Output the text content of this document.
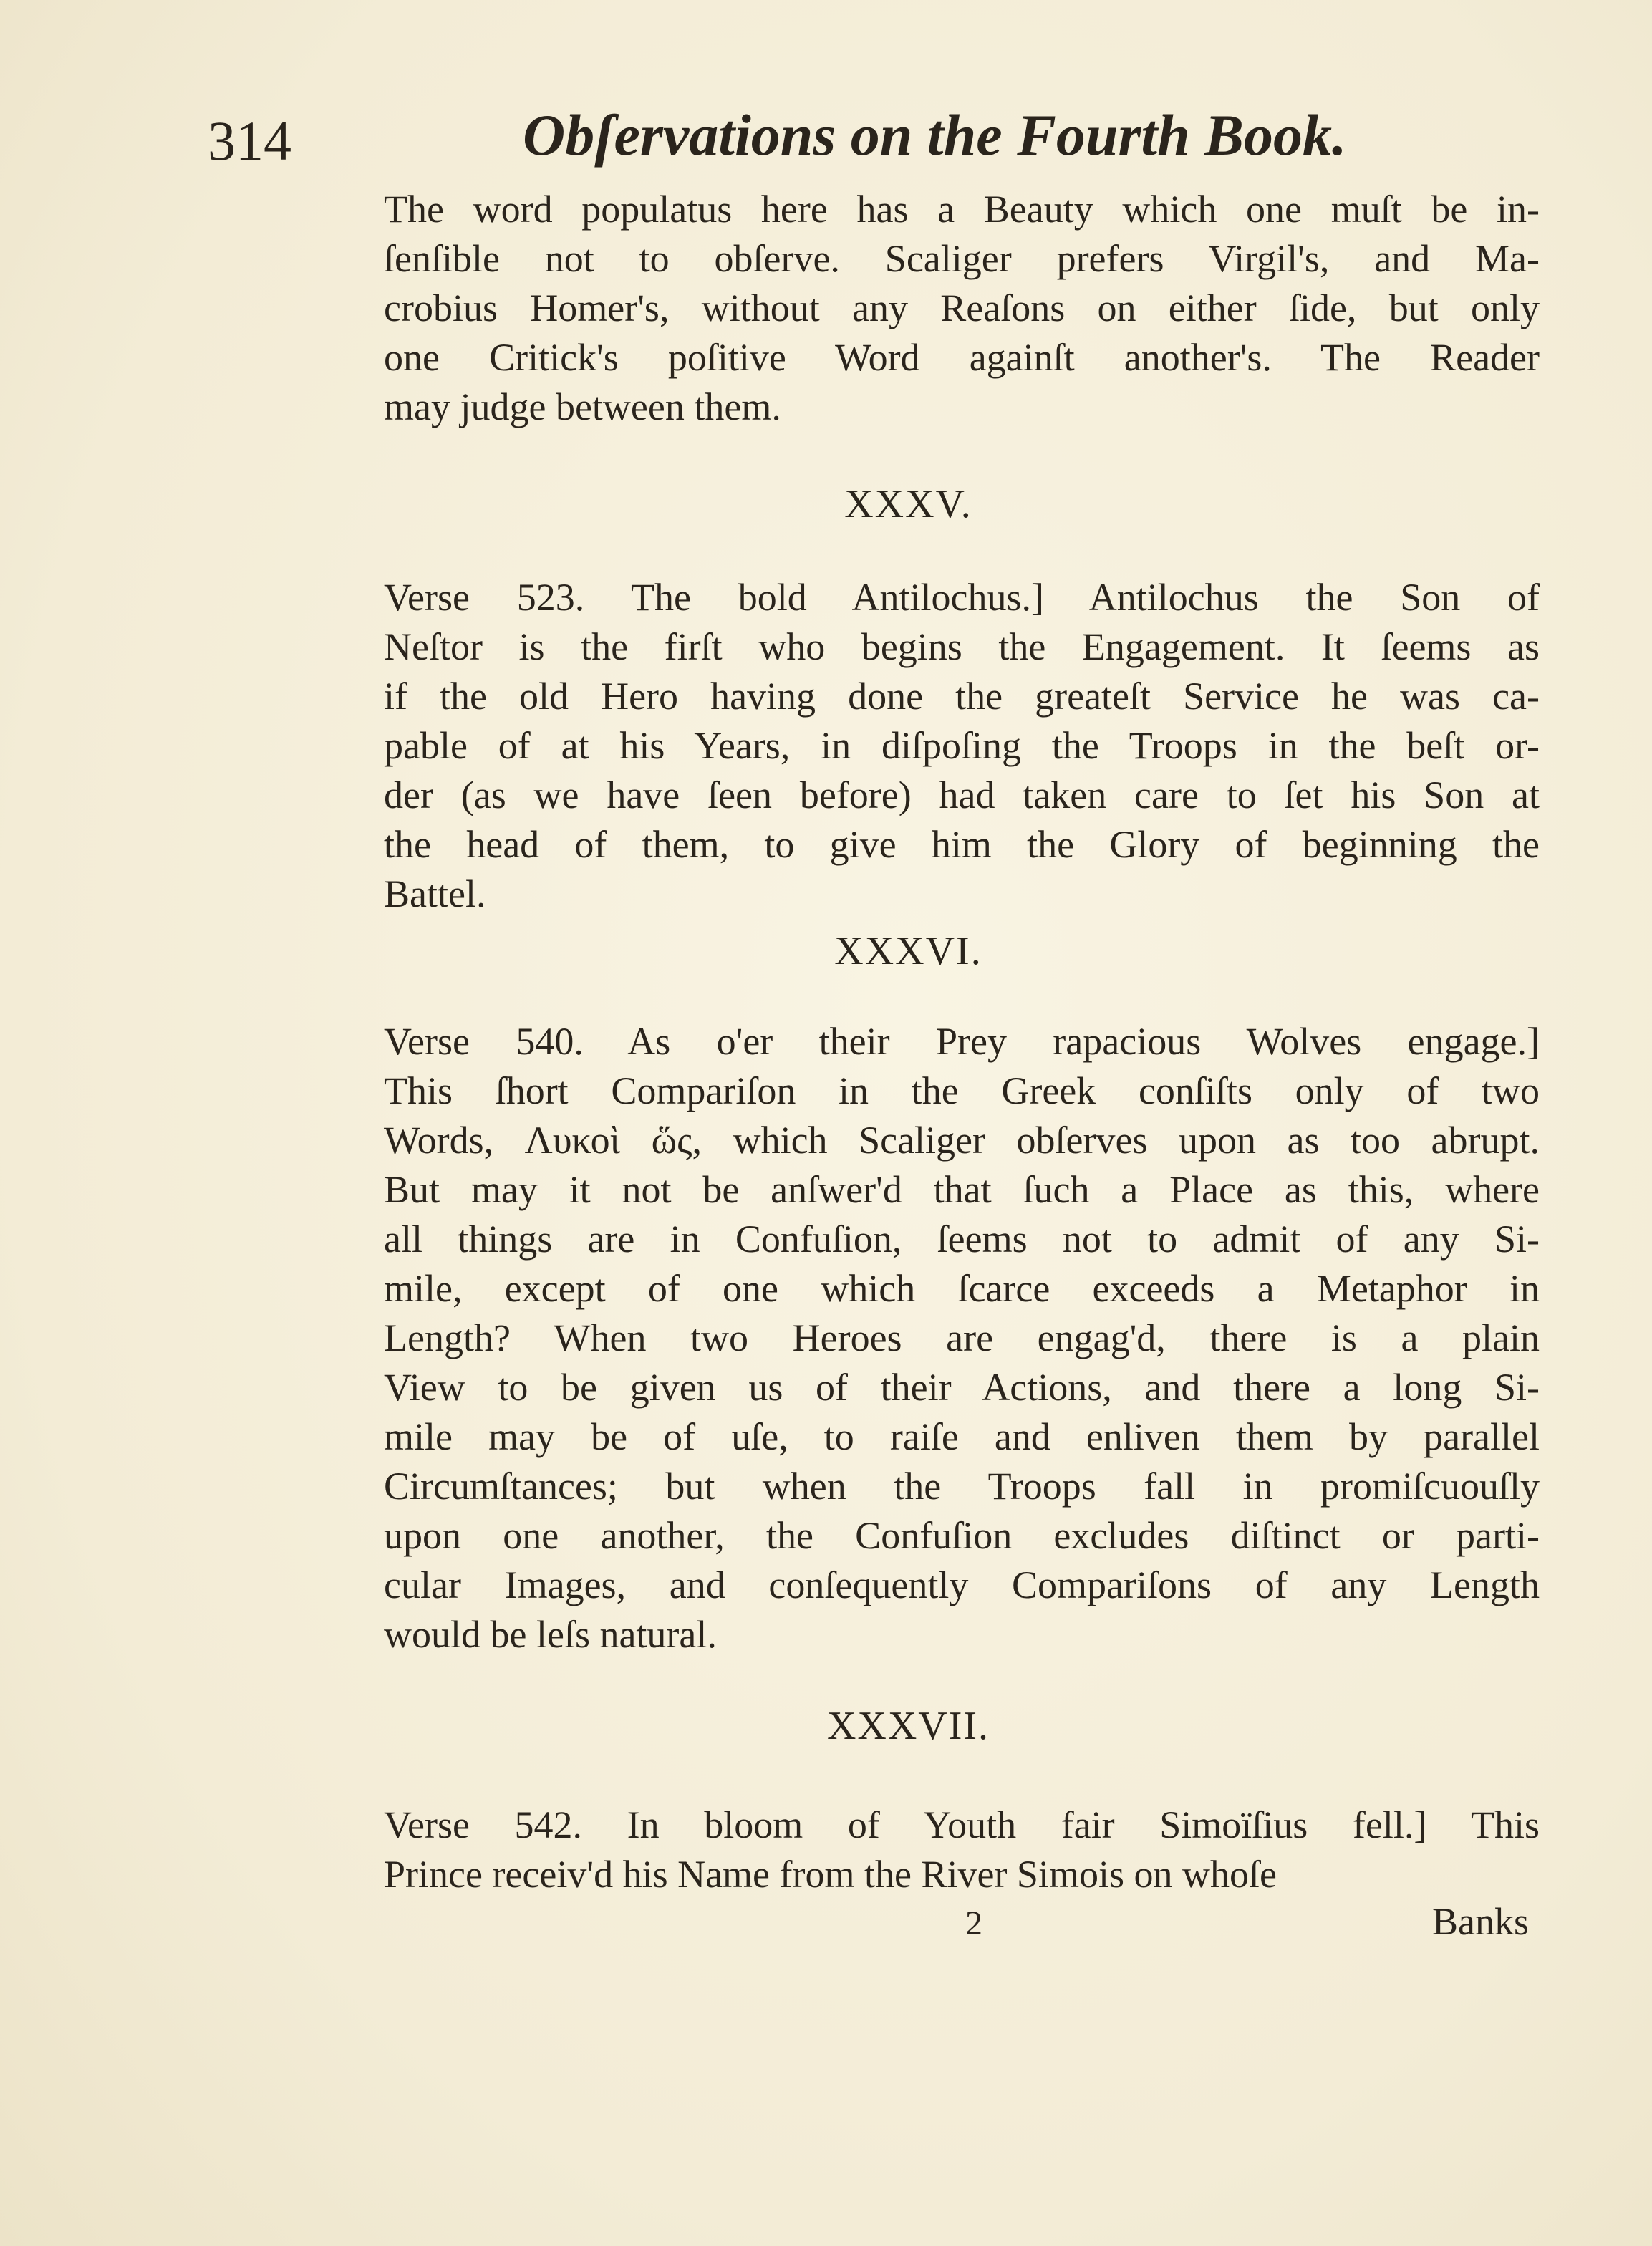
314	Obſervations on the Fourth Book.
The word populatus here has a Beauty which one muſt be in-
ſenſible not to obſerve. Scaliger prefers Virgil's, and Ma-
crobius Homer's, without any Reaſons on either ſide, but only
one Critick's poſitive Word againſt another's. The Reader
may judge between them.
XXXV.
Verse 523. The bold Antilochus.] Antilochus the Son of
Neſtor is the firſt who begins the Engagement. It ſeems as
if the old Hero having done the greateſt Service he was ca-
pable of at his Years, in diſpoſing the Troops in the beſt or-
der (as we have ſeen before) had taken care to ſet his Son at
the head of them, to give him the Glory of beginning the
Battel.
XXXVI.
Verse 540. As o'er their Prey rapacious Wolves engage.]
This ſhort Compariſon in the Greek conſiſts only of two
Words, Λυκοὶ ὥς, which Scaliger obſerves upon as too abrupt.
But may it not be anſwer'd that ſuch a Place as this, where
all things are in Confuſion, ſeems not to admit of any Si-
mile, except of one which ſcarce exceeds a Metaphor in
Length? When two Heroes are engag'd, there is a plain
View to be given us of their Actions, and there a long Si-
mile may be of uſe, to raiſe and enliven them by parallel
Circumſtances; but when the Troops fall in promiſcuouſly
upon one another, the Confuſion excludes diſtinct or parti-
cular Images, and conſequently Compariſons of any Length
would be leſs natural.
XXXVII.
Verse 542. In bloom of Youth fair Simoïſius fell.] This
Prince receiv'd his Name from the River Simois on whoſe
2	Banks
